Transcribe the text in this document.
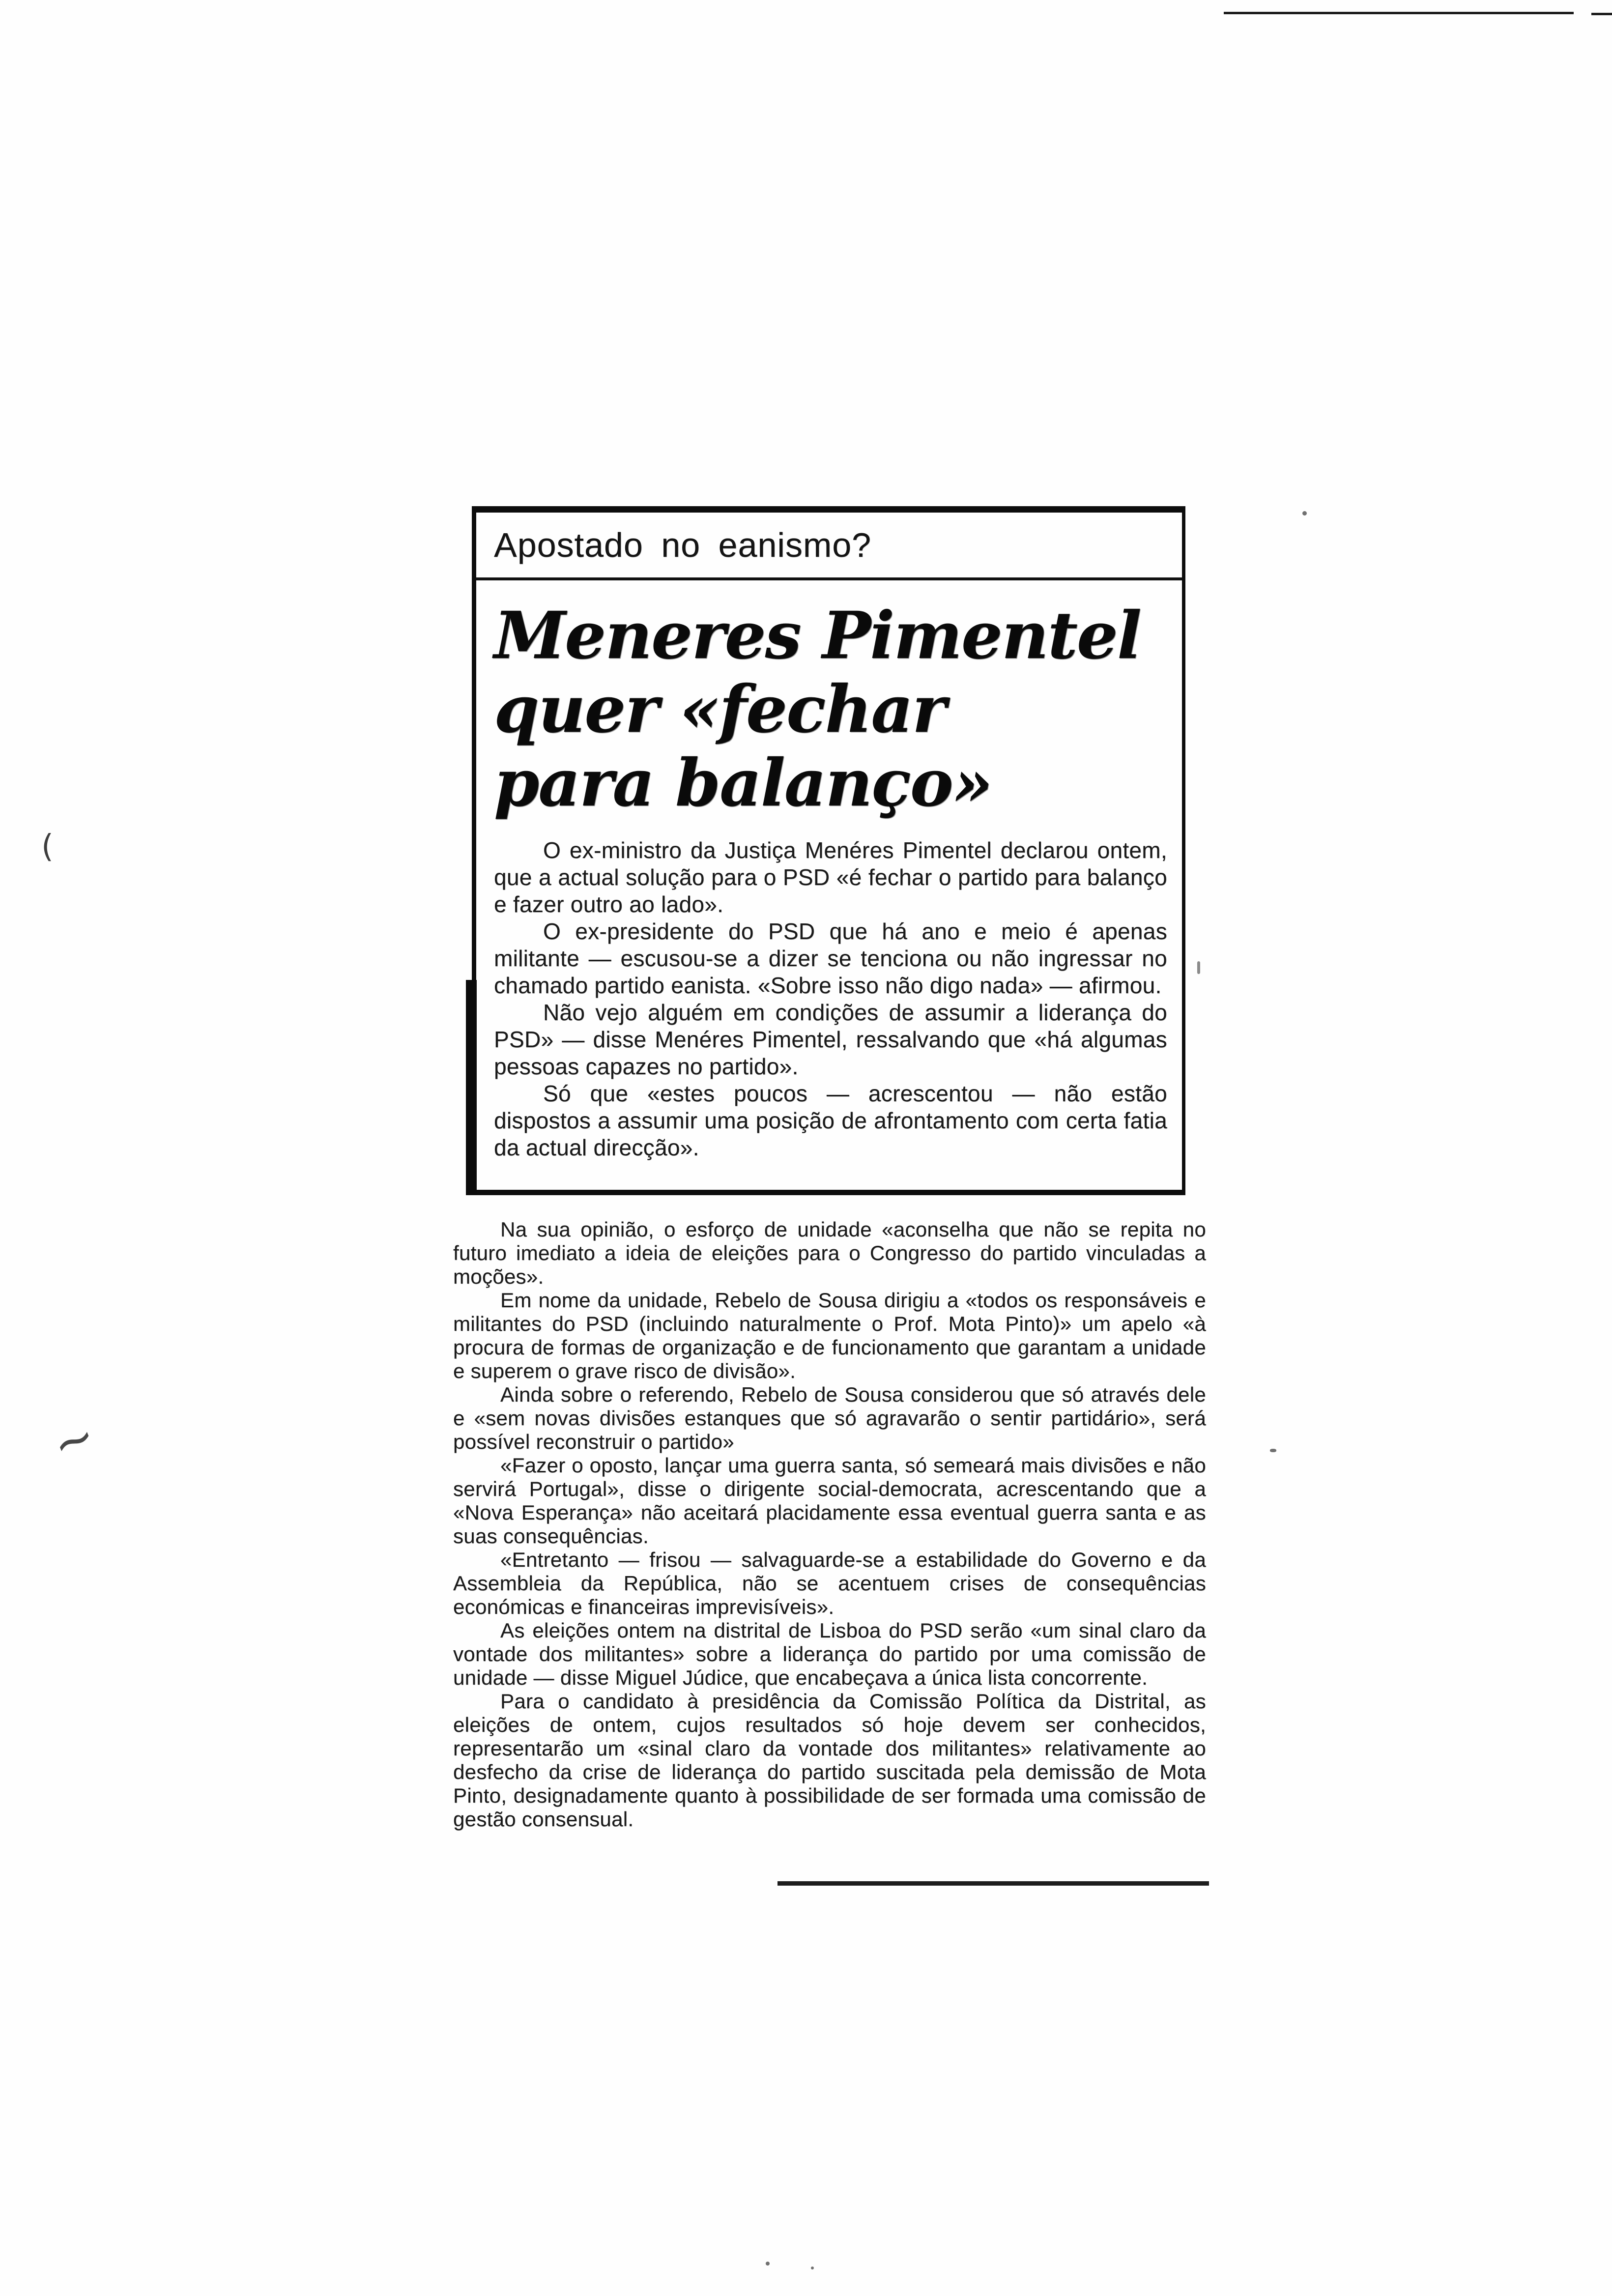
(
~
Apostado no eanismo?
Meneres Pimentel
quer «fechar
para balanço»

O ex-ministro da Justiça Menéres Pimentel declarou ontem, que a actual solução para o PSD «é fechar o partido para balanço e fazer outro ao lado».

O ex-presidente do PSD que há ano e meio é apenas militante — escusou-se a dizer se tenciona ou não ingressar no chamado partido eanista. «Sobre isso não digo nada» — afirmou.

Não vejo alguém em condições de assumir a liderança do PSD» — disse Menéres Pimentel, ressalvando que «há algumas pessoas capazes no partido».

Só que «estes poucos — acrescentou — não estão dispostos a assumir uma posição de afrontamento com certa fatia da actual direcção».

Na sua opinião, o esforço de unidade «aconselha que não se repita no futuro imediato a ideia de eleições para o Congresso do partido vinculadas a moções».

Em nome da unidade, Rebelo de Sousa dirigiu a «todos os responsáveis e militantes do PSD (incluindo naturalmente o Prof. Mota Pinto)» um apelo «à procura de formas de organização e de funcionamento que garantam a unidade e superem o grave risco de divisão».

Ainda sobre o referendo, Rebelo de Sousa considerou que só através dele e «sem novas divisões estanques que só agravarão o sentir partidário», será possível reconstruir o partido»

«Fazer o oposto, lançar uma guerra santa, só semeará mais divisões e não servirá Portugal», disse o dirigente social-democrata, acrescentando que a «Nova Esperança» não aceitará placidamente essa eventual guerra santa e as suas consequências.

«Entretanto — frisou — salvaguarde-se a estabilidade do Governo e da Assembleia da República, não se acentuem crises de consequências económicas e financeiras imprevisíveis».

As eleições ontem na distrital de Lisboa do PSD serão «um sinal claro da vontade dos militantes» sobre a liderança do partido por uma comissão de unidade — disse Miguel Júdice, que encabeçava a única lista concorrente.

Para o candidato à presidência da Comissão Política da Distrital, as eleições de ontem, cujos resultados só hoje devem ser conhecidos, representarão um «sinal claro da vontade dos militantes» relativamente ao desfecho da crise de liderança do partido suscitada pela demissão de Mota Pinto, designadamente quanto à possibilidade de ser formada uma comissão de gestão consensual.
